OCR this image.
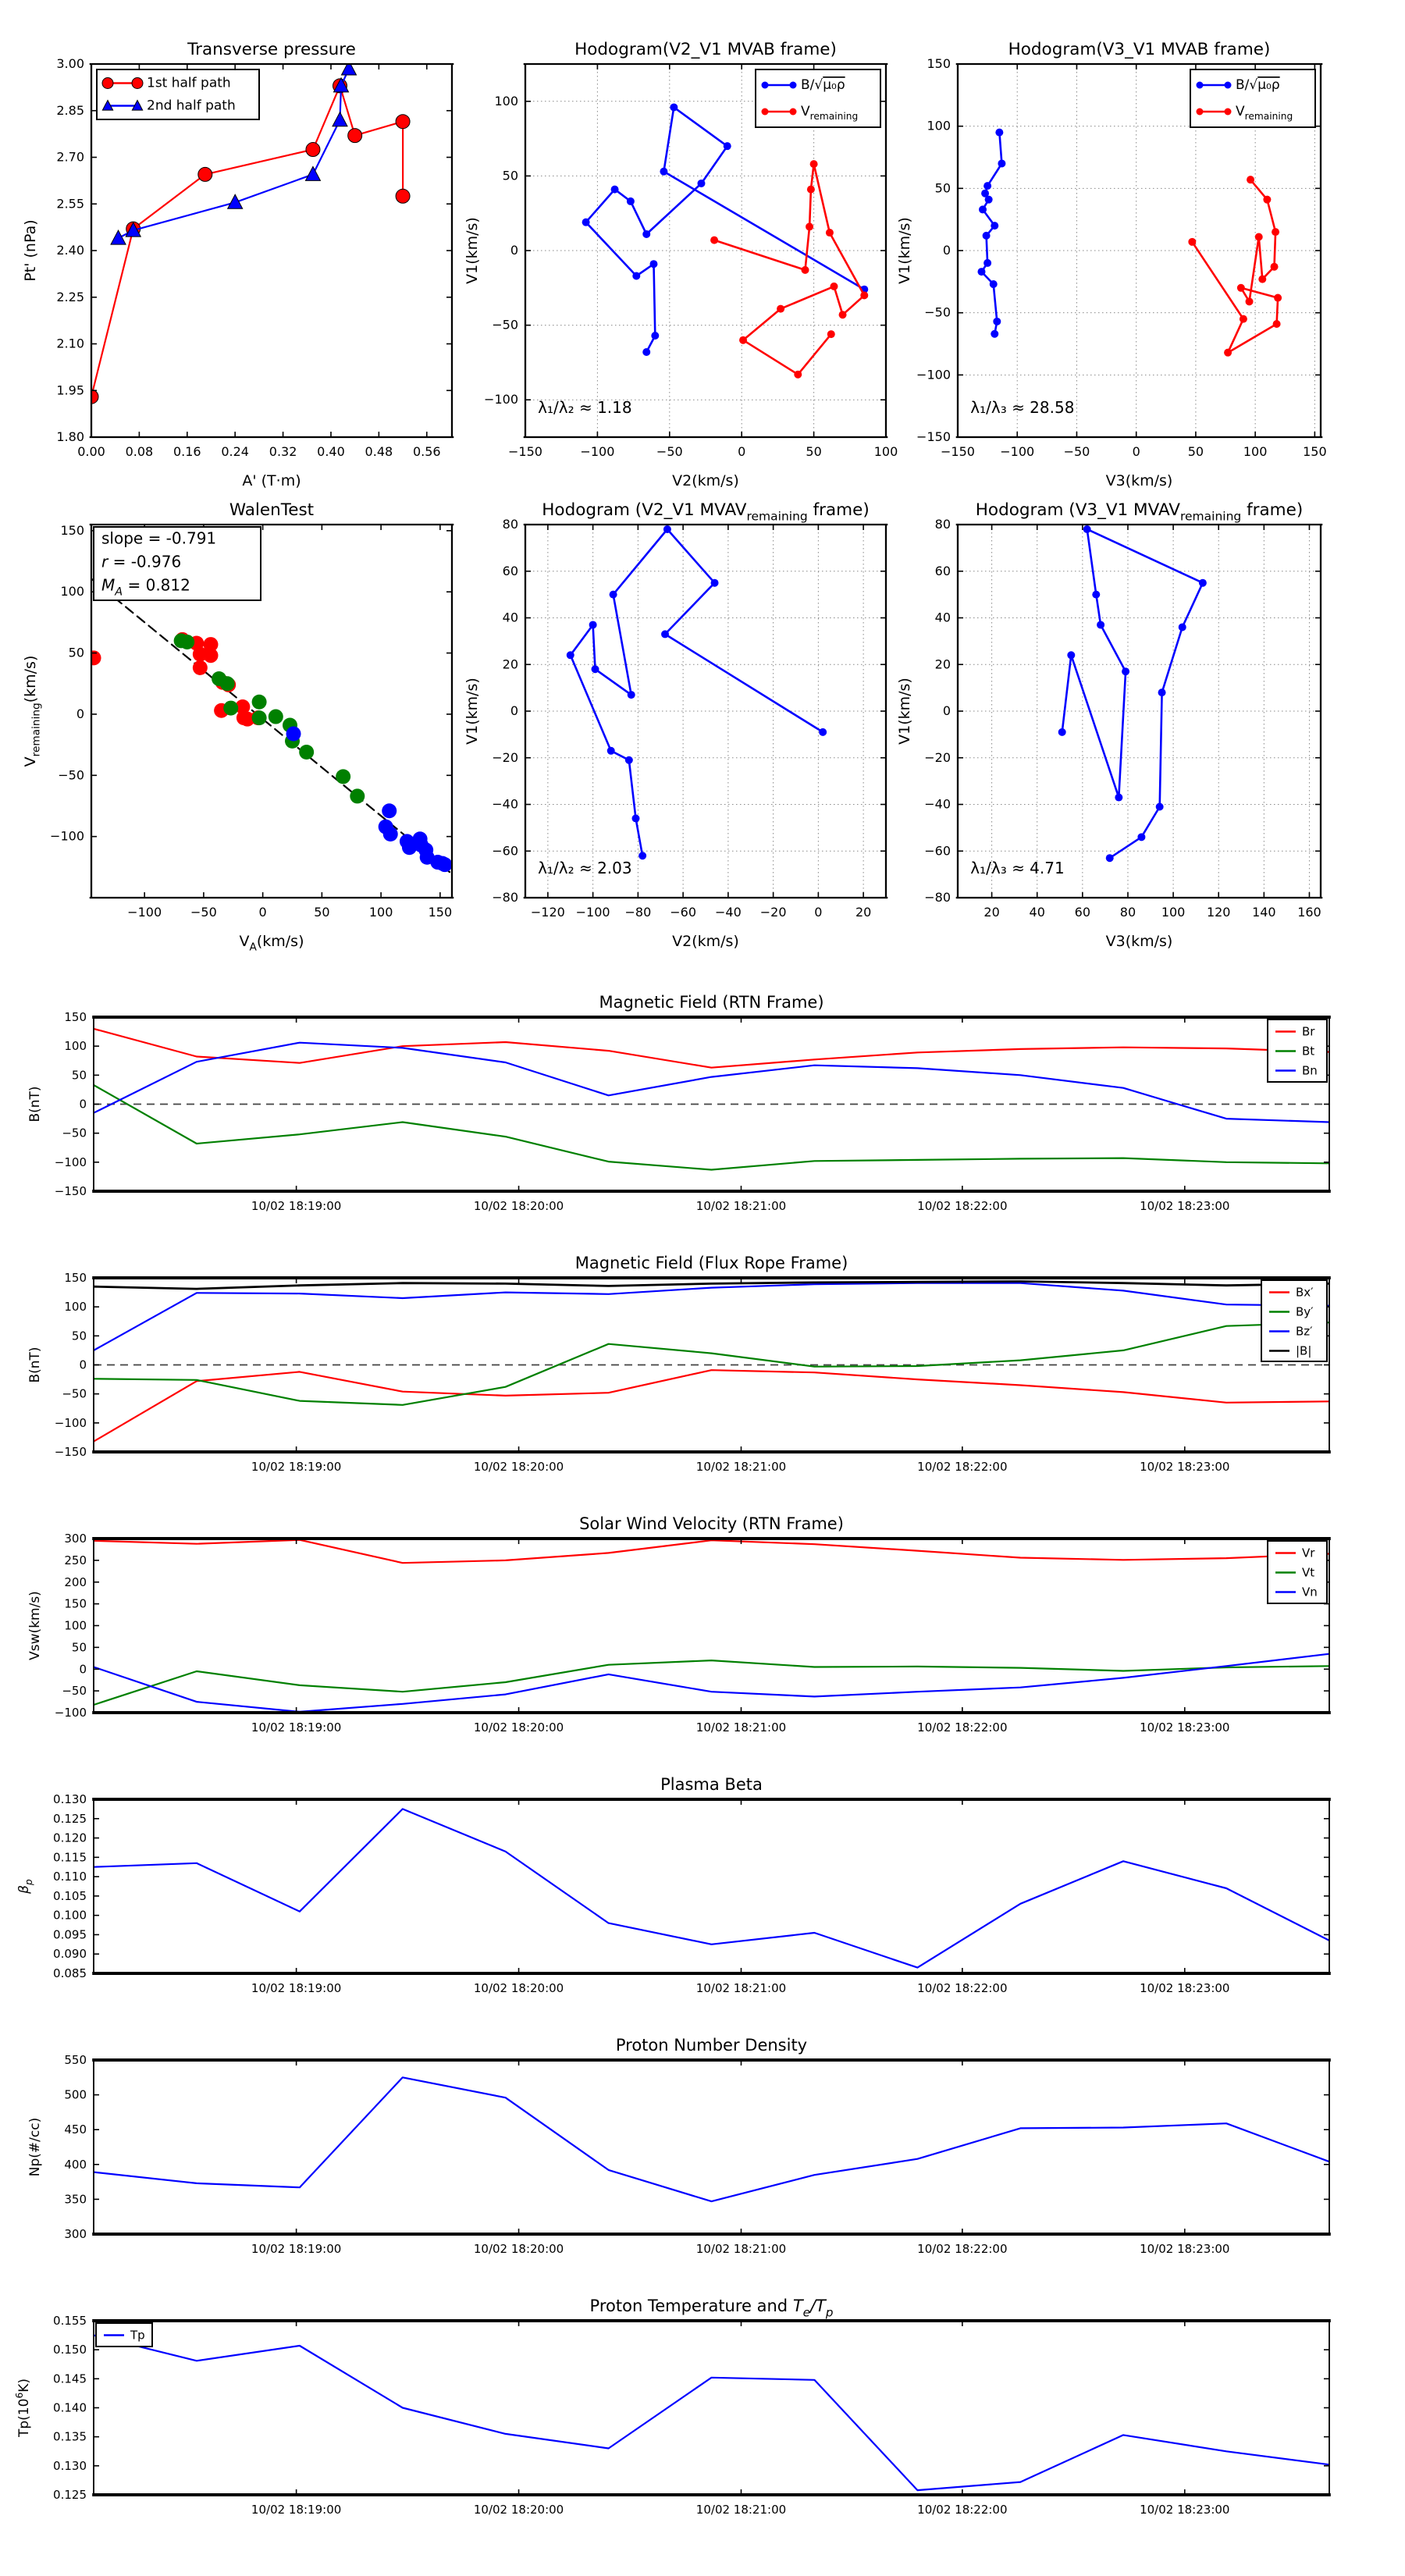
0.00 0.08 0.16 0.24 0.32 0.40 0.48 0.56
1.80
1.95
2.10
2.25
2.40
2.55
2.70
2.85
3.00
Transverse pressure
A' (T·m)
Pt' (nPa)
1st half path
2nd half path
−150	−100	−50	0	50	100
−100
−50
0
50
100
Hodogram(V2_V1 MVAB frame)
V2(km/s)
V1(km/s)
λ₁/λ₂ ≈ 1.18
B/√μ₀ρ
$V_{remaining}$
−150 −100 −50	0	50	100	150
−150
−100
−50
0
50
100
150
Hodogram(V3_V1 MVAB frame)
V3(km/s)
V1(km/s)
λ₁/λ₃ ≈ 28.58
B/√μ₀ρ
$V_{remaining}$
−100 −50	0	50	100	150
−100
−50
0
50
100
150
WalenTest
$V_A(km/s)$
$V_{remaining}(km/s)$
slope = -0.791
r = -0.976
$M_A = 0.812$
−120 −100 −80 −60 −40 −20 0	20
−80
−60
−40
−20
0
20
40
60
80
Hodogram (V2_V1 $MVAV_{remaining}$ frame)
V2(km/s)
V1(km/s)
λ₁/λ₂ ≈ 2.03
20 40 60 80 100 120 140 160
−80
−60
−40
−20
0
20
40
60
80
Hodogram (V3_V1 $MVAV_{remaining}$ frame)
V3(km/s)
V1(km/s)
λ₁/λ₃ ≈ 4.71
10/02 18:19:00	10/02 18:20:00	10/02 18:21:00	10/02 18:22:00	10/02 18:23:00
−150
−100
−50
0
50
100
150
Magnetic Field (RTN Frame)
B(nT)
Br
Bt
Bn
10/02 18:19:00	10/02 18:20:00	10/02 18:21:00	10/02 18:22:00	10/02 18:23:00
−150
−100
−50
0
50
100
150
Magnetic Field (Flux Rope Frame)
B(nT)
Bx′
By′
Bz′
|B|
10/02 18:19:00	10/02 18:20:00	10/02 18:21:00	10/02 18:22:00	10/02 18:23:00
−100
−50
0
50
100
150
200
250
300
Solar Wind Velocity (RTN Frame)
Vsw(km/s)
Vr
Vt
Vn
10/02 18:19:00	10/02 18:20:00	10/02 18:21:00	10/02 18:22:00	10/02 18:23:00
0.085
0.090
0.095
0.100
0.105
0.110
0.115
0.120
0.125
0.130
Plasma Beta
$\beta_p$
10/02 18:19:00	10/02 18:20:00	10/02 18:21:00	10/02 18:22:00	10/02 18:23:00
300
350
400
450
500
550
Proton Number Density
Np(#/cc)
10/02 18:19:00	10/02 18:20:00	10/02 18:21:00	10/02 18:22:00	10/02 18:23:00
0.125
0.130
0.135
0.140
0.145
0.150
0.155
Proton Temperature and $T_e/T_p$
$Tp(10^6K)$
Tp
